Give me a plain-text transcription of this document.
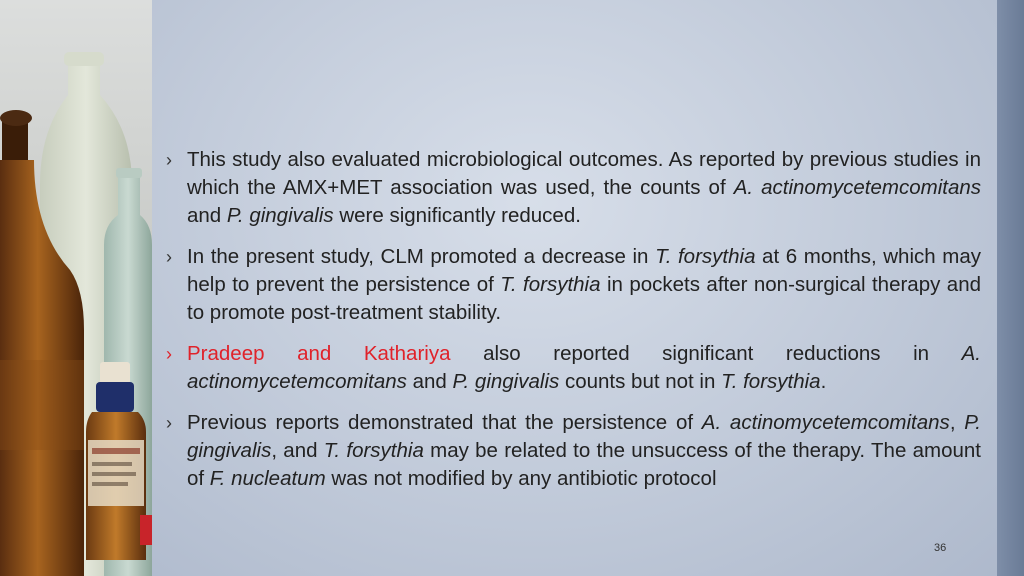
› This study also evaluated microbiological outcomes. As reported by previous studies in which the AMX+MET association was used, the counts of A. actinomycetemcomitans and P. gingivalis were significantly reduced.
› In the present study, CLM promoted a decrease in T. forsythia at 6 months, which may help to prevent the persistence of T. forsythia in pockets after non-surgical therapy and to promote post-treatment stability.
› Pradeep and Kathariya also reported significant reductions in A. actinomycetemcomitans and P. gingivalis counts but not in T. forsythia.
› Previous reports demonstrated that the persistence of A. actinomycetemcomitans, P. gingivalis, and T. forsythia may be related to the unsuccess of the therapy. The amount of F. nucleatum was not modified by any antibiotic protocol
36
